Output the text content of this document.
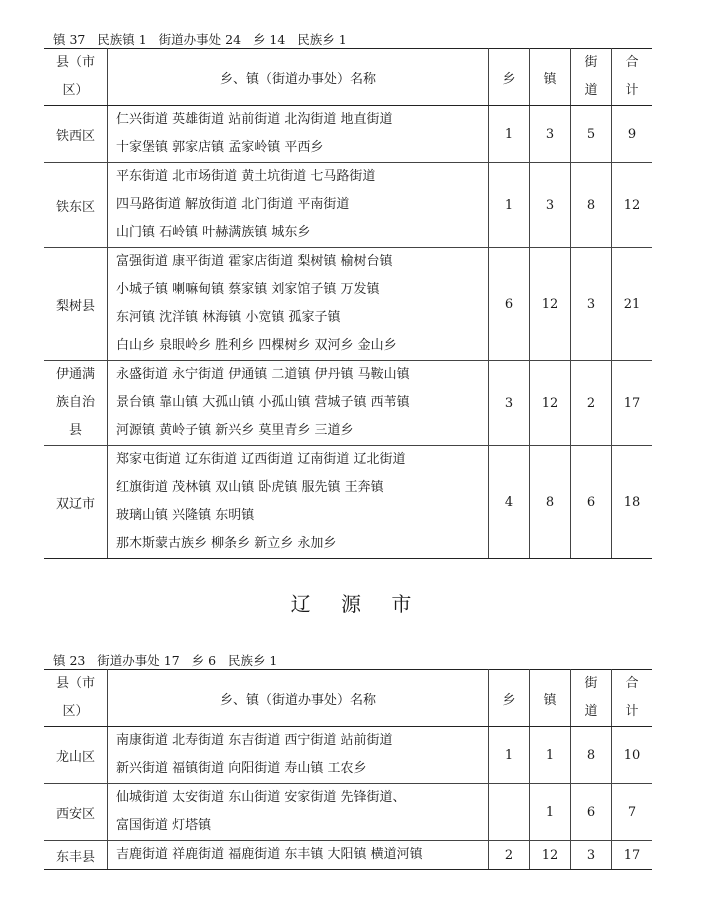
镇 37   民族镇 1   街道办事处 24   乡 14   民族乡 1
县（市
区）	乡、镇（街道办事处）名称	乡	镇	街
道	合
计

铁西区	仁兴街道 英雄街道 站前街道 北沟街道 地直街道
十家堡镇 郭家店镇 孟家岭镇 平西乡	1	3	5	9
铁东区	平东街道 北市场街道 黄土坑街道 七马路街道
四马路街道 解放街道 北门街道 平南街道
山门镇 石岭镇 叶赫满族镇 城东乡	1	3	8	12
梨树县	富强街道 康平街道 霍家店街道 梨树镇 榆树台镇
小城子镇 喇嘛甸镇 蔡家镇 刘家馆子镇 万发镇
东河镇 沈洋镇 林海镇 小宽镇 孤家子镇
白山乡 泉眼岭乡 胜利乡 四棵树乡 双河乡 金山乡	6	12	3	21

伊通满
族自治
县	永盛街道 永宁街道 伊通镇 二道镇 伊丹镇 马鞍山镇
景台镇 靠山镇 大孤山镇 小孤山镇 营城子镇 西苇镇
河源镇 黄岭子镇 新兴乡 莫里青乡 三道乡	3	12	2	17
双辽市	郑家屯街道 辽东街道 辽西街道 辽南街道 辽北街道
红旗街道 茂林镇 双山镇 卧虎镇 服先镇 王奔镇
玻璃山镇 兴隆镇 东明镇
那木斯蒙古族乡 柳条乡 新立乡 永加乡	4	8	6	18
辽 源 市
镇 23   街道办事处 17   乡 6   民族乡 1
县（市
区）	乡、镇（街道办事处）名称	乡	镇	街
道	合
计

龙山区	南康街道 北寿街道 东吉街道 西宁街道 站前街道
新兴街道 福镇街道 向阳街道 寿山镇 工农乡	1	1	8	10
西安区	仙城街道 太安街道 东山街道 安家街道 先锋街道、
富国街道 灯塔镇		1	6	7
东丰县	吉鹿街道 祥鹿街道 福鹿街道 东丰镇 大阳镇 横道河镇	2	12	3	17
